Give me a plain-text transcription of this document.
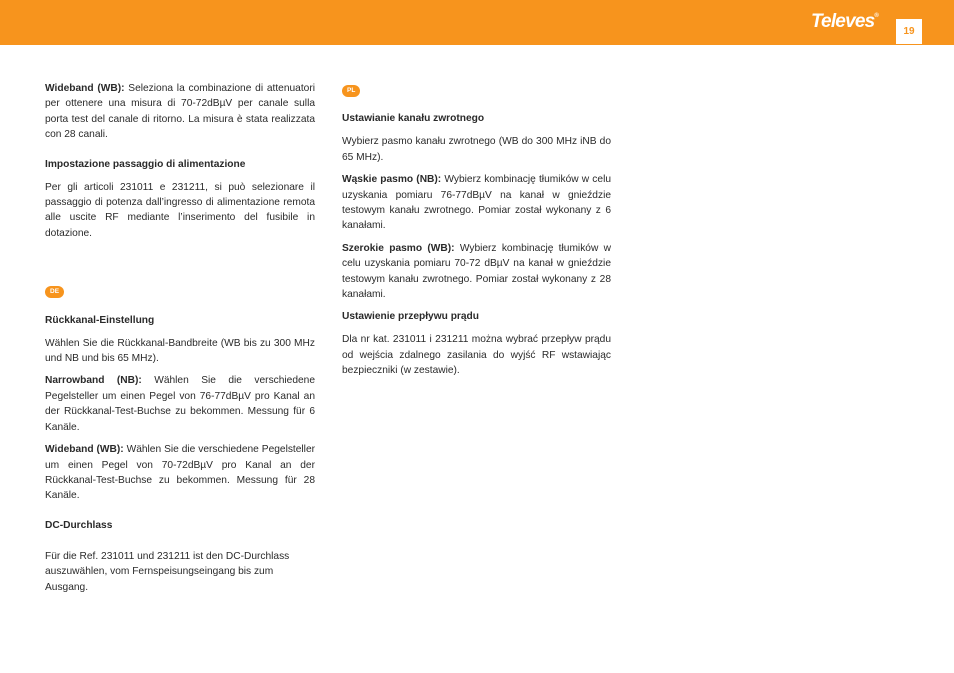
Televes®
19

Wideband (WB): Seleziona la combinazione di attenuatori per ottenere una misura di 70-72dBµV per canale sulla porta test del canale di ritorno. La misura è stata realizzata con 28 canali.

Impostazione passaggio di alimentazione

Per gli articoli 231011 e 231211, si può selezionare il passaggio di potenza dall’ingresso di alimentazione remota alle uscite RF mediante l’inserimento del fusibile in dotazione.

DE
Rückkanal-Einstellung

Wählen Sie die Rückkanal-Bandbreite (WB bis zu 300 MHz und NB und bis 65 MHz).

Narrowband (NB): Wählen Sie die verschiedene Pegelsteller um einen Pegel von 76-77dBµV pro Kanal an der Rückkanal-Test-Buchse zu bekommen. Messung für 6 Kanäle.

Wideband (WB): Wählen Sie die verschiedene Pegelsteller um einen Pegel von 70-72dBµV pro Kanal an der Rückkanal-Test-Buchse zu bekommen. Messung für 28 Kanäle.

DC-Durchlass

Für die Ref. 231011 und 231211 ist den DC-Durchlass auszuwählen, vom Fernspeisungseingang bis zum Ausgang.

PL
Ustawianie kanału zwrotnego

Wybierz pasmo kanału zwrotnego (WB do 300 MHz iNB do 65 MHz).

Wąskie pasmo (NB): Wybierz kombinację tłumików w celu uzyskania pomiaru 76-77dBµV na kanał w gnieździe testowym kanału zwrotnego. Pomiar został wykonany z 6 kanałami.

Szerokie pasmo (WB): Wybierz kombinację tłumików w celu uzyskania pomiaru 70-72 dBµV na kanał w gnieździe testowym kanału zwrotnego. Pomiar został wykonany z 28 kanałami.

Ustawienie przepływu prądu

Dla nr kat. 231011 i 231211 można wybrać przepływ prądu od wejścia zdalnego zasilania do wyjść RF wstawiając bezpieczniki (w zestawie).
